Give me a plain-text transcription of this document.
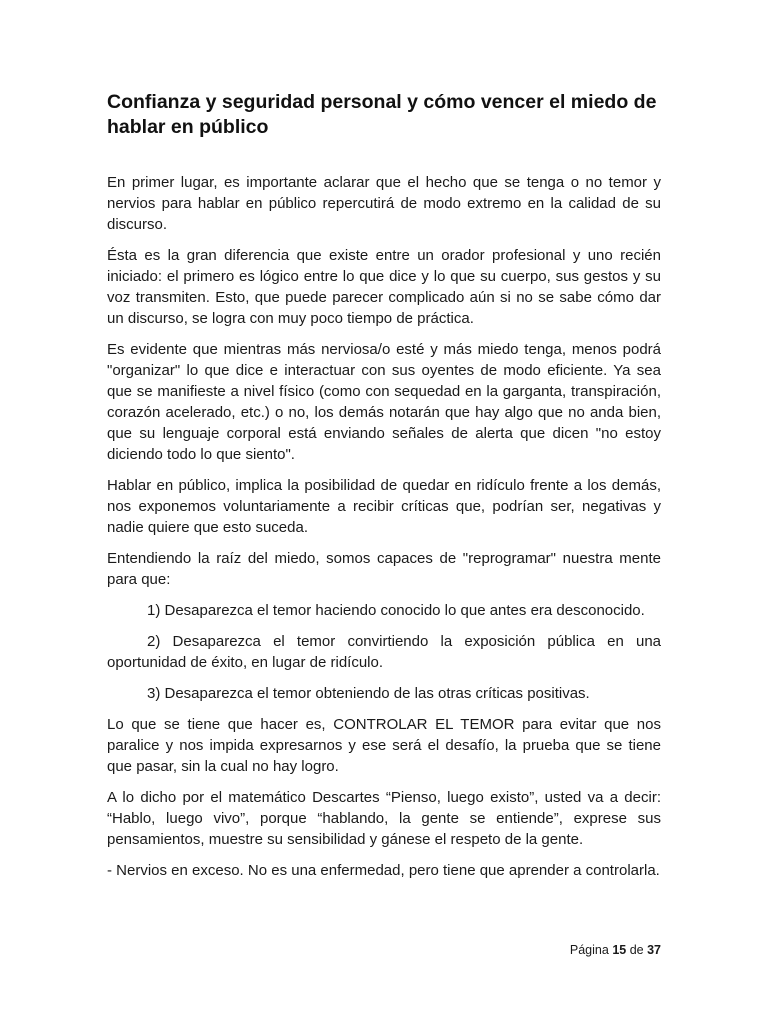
Confianza y seguridad personal y cómo vencer el miedo de hablar en público

En primer lugar, es importante aclarar que el hecho que se tenga o no temor y nervios para hablar en público repercutirá de modo extremo en la calidad de su discurso.

Ésta es la gran diferencia que existe entre un orador profesional y uno recién iniciado: el primero es lógico entre lo que dice y lo que su cuerpo, sus gestos y su voz transmiten. Esto, que puede parecer complicado aún si no se sabe cómo dar un discurso, se logra con muy poco tiempo de práctica.

Es evidente que mientras más nerviosa/o esté y más miedo tenga, menos podrá "organizar" lo que dice e interactuar con sus oyentes de modo eficiente. Ya sea que se manifieste a nivel físico (como con sequedad en la garganta, transpiración, corazón acelerado, etc.) o no, los demás notarán que hay algo que no anda bien, que su lenguaje corporal está enviando señales de alerta que dicen "no estoy diciendo todo lo que siento".

Hablar en público, implica la posibilidad de quedar en ridículo frente a los demás, nos exponemos voluntariamente a recibir críticas que, podrían ser, negativas y nadie quiere que esto suceda.

Entendiendo la raíz del miedo, somos capaces de "reprogramar" nuestra mente para que:

1) Desaparezca el temor haciendo conocido lo que antes era desconocido.

2) Desaparezca el temor convirtiendo la exposición pública en una oportunidad de éxito, en lugar de ridículo.

3) Desaparezca el temor obteniendo de las otras críticas positivas.

Lo que se tiene que hacer es, CONTROLAR EL TEMOR para evitar que nos paralice y nos impida expresarnos y ese será el desafío, la prueba que se tiene que pasar, sin la cual no hay logro.

A lo dicho por el matemático Descartes “Pienso, luego existo”, usted va a decir: “Hablo, luego vivo”, porque “hablando, la gente se entiende”, exprese sus pensamientos, muestre su sensibilidad y gánese el respeto de la gente.

- Nervios en exceso. No es una enfermedad, pero tiene que aprender a controlarla.

Página 15 de 37
